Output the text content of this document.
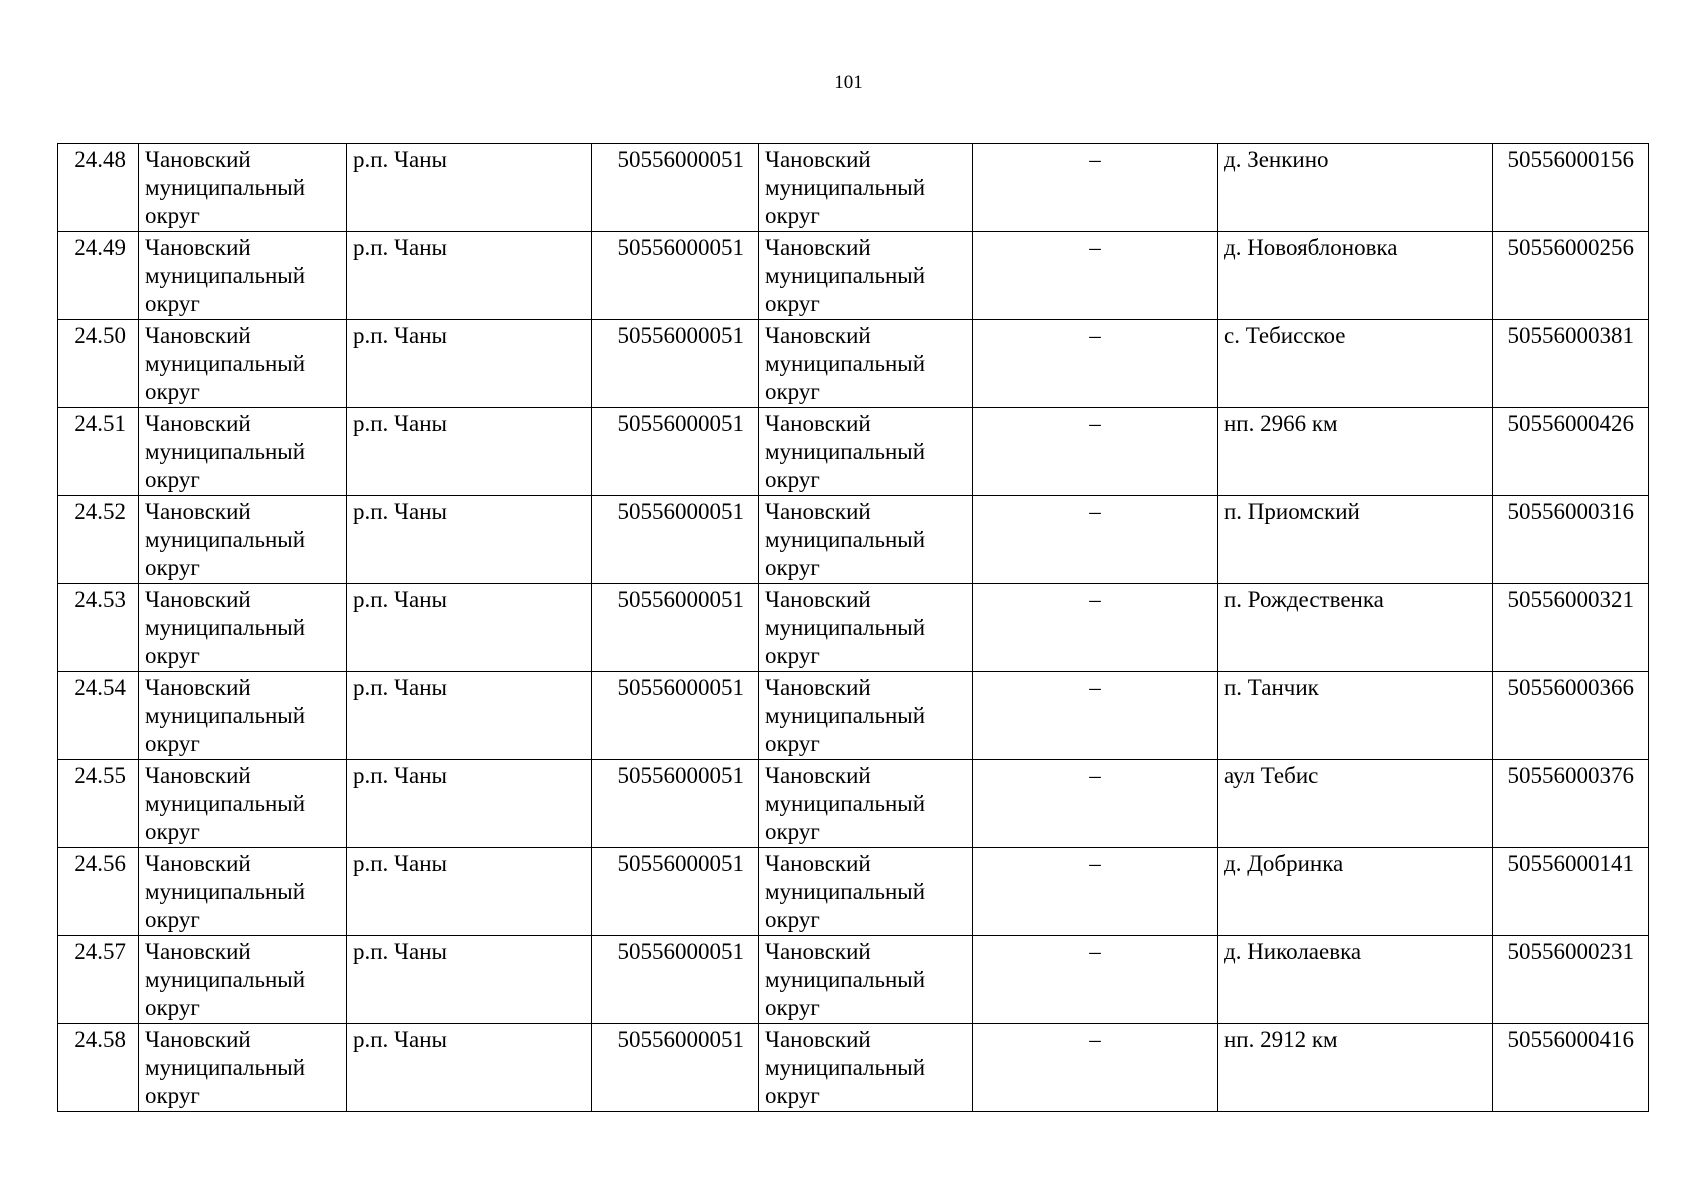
101
24.48	Чановский муниципальный округ	р.п. Чаны	50556000051	Чановский муниципальный округ	–	д. Зенкино	50556000156
24.49	Чановский муниципальный округ	р.п. Чаны	50556000051	Чановский муниципальный округ	–	д. Новояблоновка	50556000256
24.50	Чановский муниципальный округ	р.п. Чаны	50556000051	Чановский муниципальный округ	–	с. Тебисское	50556000381
24.51	Чановский муниципальный округ	р.п. Чаны	50556000051	Чановский муниципальный округ	–	нп. 2966 км	50556000426
24.52	Чановский муниципальный округ	р.п. Чаны	50556000051	Чановский муниципальный округ	–	п. Приомский	50556000316
24.53	Чановский муниципальный округ	р.п. Чаны	50556000051	Чановский муниципальный округ	–	п. Рождественка	50556000321
24.54	Чановский муниципальный округ	р.п. Чаны	50556000051	Чановский муниципальный округ	–	п. Танчик	50556000366
24.55	Чановский муниципальный округ	р.п. Чаны	50556000051	Чановский муниципальный округ	–	аул Тебис	50556000376
24.56	Чановский муниципальный округ	р.п. Чаны	50556000051	Чановский муниципальный округ	–	д. Добринка	50556000141
24.57	Чановский муниципальный округ	р.п. Чаны	50556000051	Чановский муниципальный округ	–	д. Николаевка	50556000231
24.58	Чановский муниципальный округ	р.п. Чаны	50556000051	Чановский муниципальный округ	–	нп. 2912 км	50556000416
